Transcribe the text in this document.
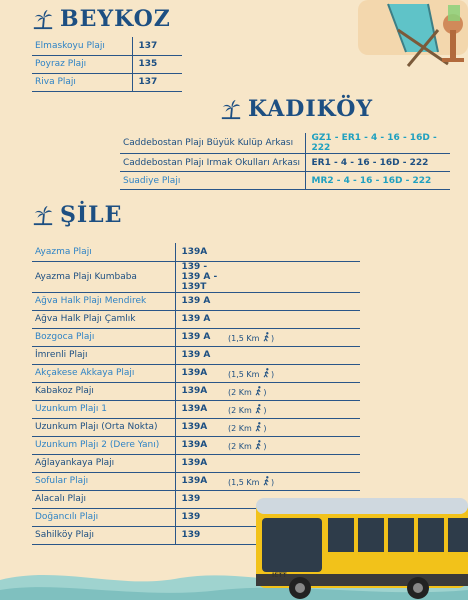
BEYKOZ
Elmaskoyu Plajı	137
Poyraz Plajı	135
Riva Plajı	137
KADIKÖY
Caddebostan Plajı Büyük Kulüp Arkası	GZ1 - ER1 - 4 - 16 - 16D - 222
Caddebostan Plajı Irmak Okulları Arkası	ER1 - 4 - 16 - 16D - 222
Suadiye Plajı	MR2 - 4 - 16 - 16D - 222
ŞİLE
Ayazma Plajı	139A	
Ayazma Plajı Kumbaba	139 - 139 A - 139T	
Ağva Halk Plajı Mendirek	139 A	
Ağva Halk Plajı Çamlık	139 A	
Bozgoca Plajı	139 A	(1,5 Km )
İmrenli Plajı	139 A	
Akçakese Akkaya Plajı	139A	(1,5 Km )
Kabakoz Plajı	139A	(2 Km )
Uzunkum Plajı 1	139A	(2 Km )
Uzunkum Plajı (Orta Nokta)	139A	(2 Km )
Uzunkum Plajı 2 (Dere Yanı)	139A	(2 Km )
Ağlayankaya Plajı	139A	
Sofular Plajı	139A	(1,5 Km )
Alacalı Plajı	139	
Doğancılı Plajı	139	
Sahilköy Plajı	139	
İETT
